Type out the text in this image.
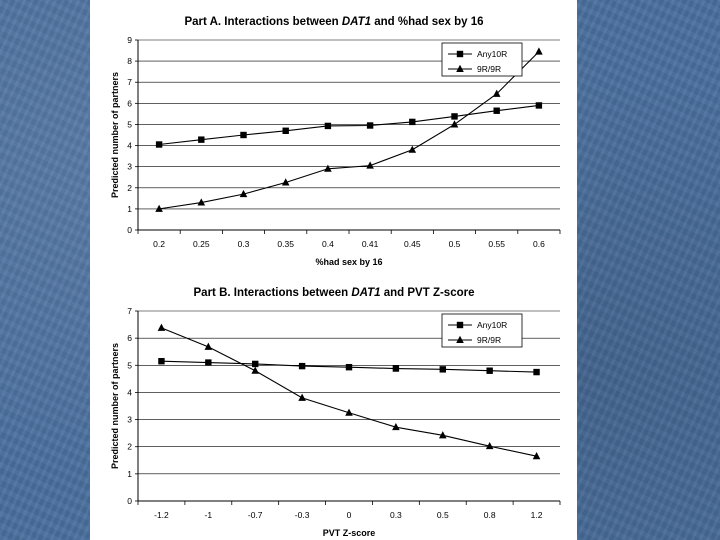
Part A. Interactions between DAT1 and %had sex by 16
0
1
2
3
4
5
6
7
8
9
0.2	0.25	0.3	0.35	0.4	0.41	0.45	0.5	0.55	0.6
%had sex by 16
Predicted number of partners
Any10R
9R/9R
Part B. Interactions between DAT1 and PVT Z-score
0
1
2
3
4
5
6
7
-1.2	-1	-0.7	-0.3	0	0.3	0.5	0.8	1.2
PVT Z-score
Predicted number of partners
Any10R
9R/9R
